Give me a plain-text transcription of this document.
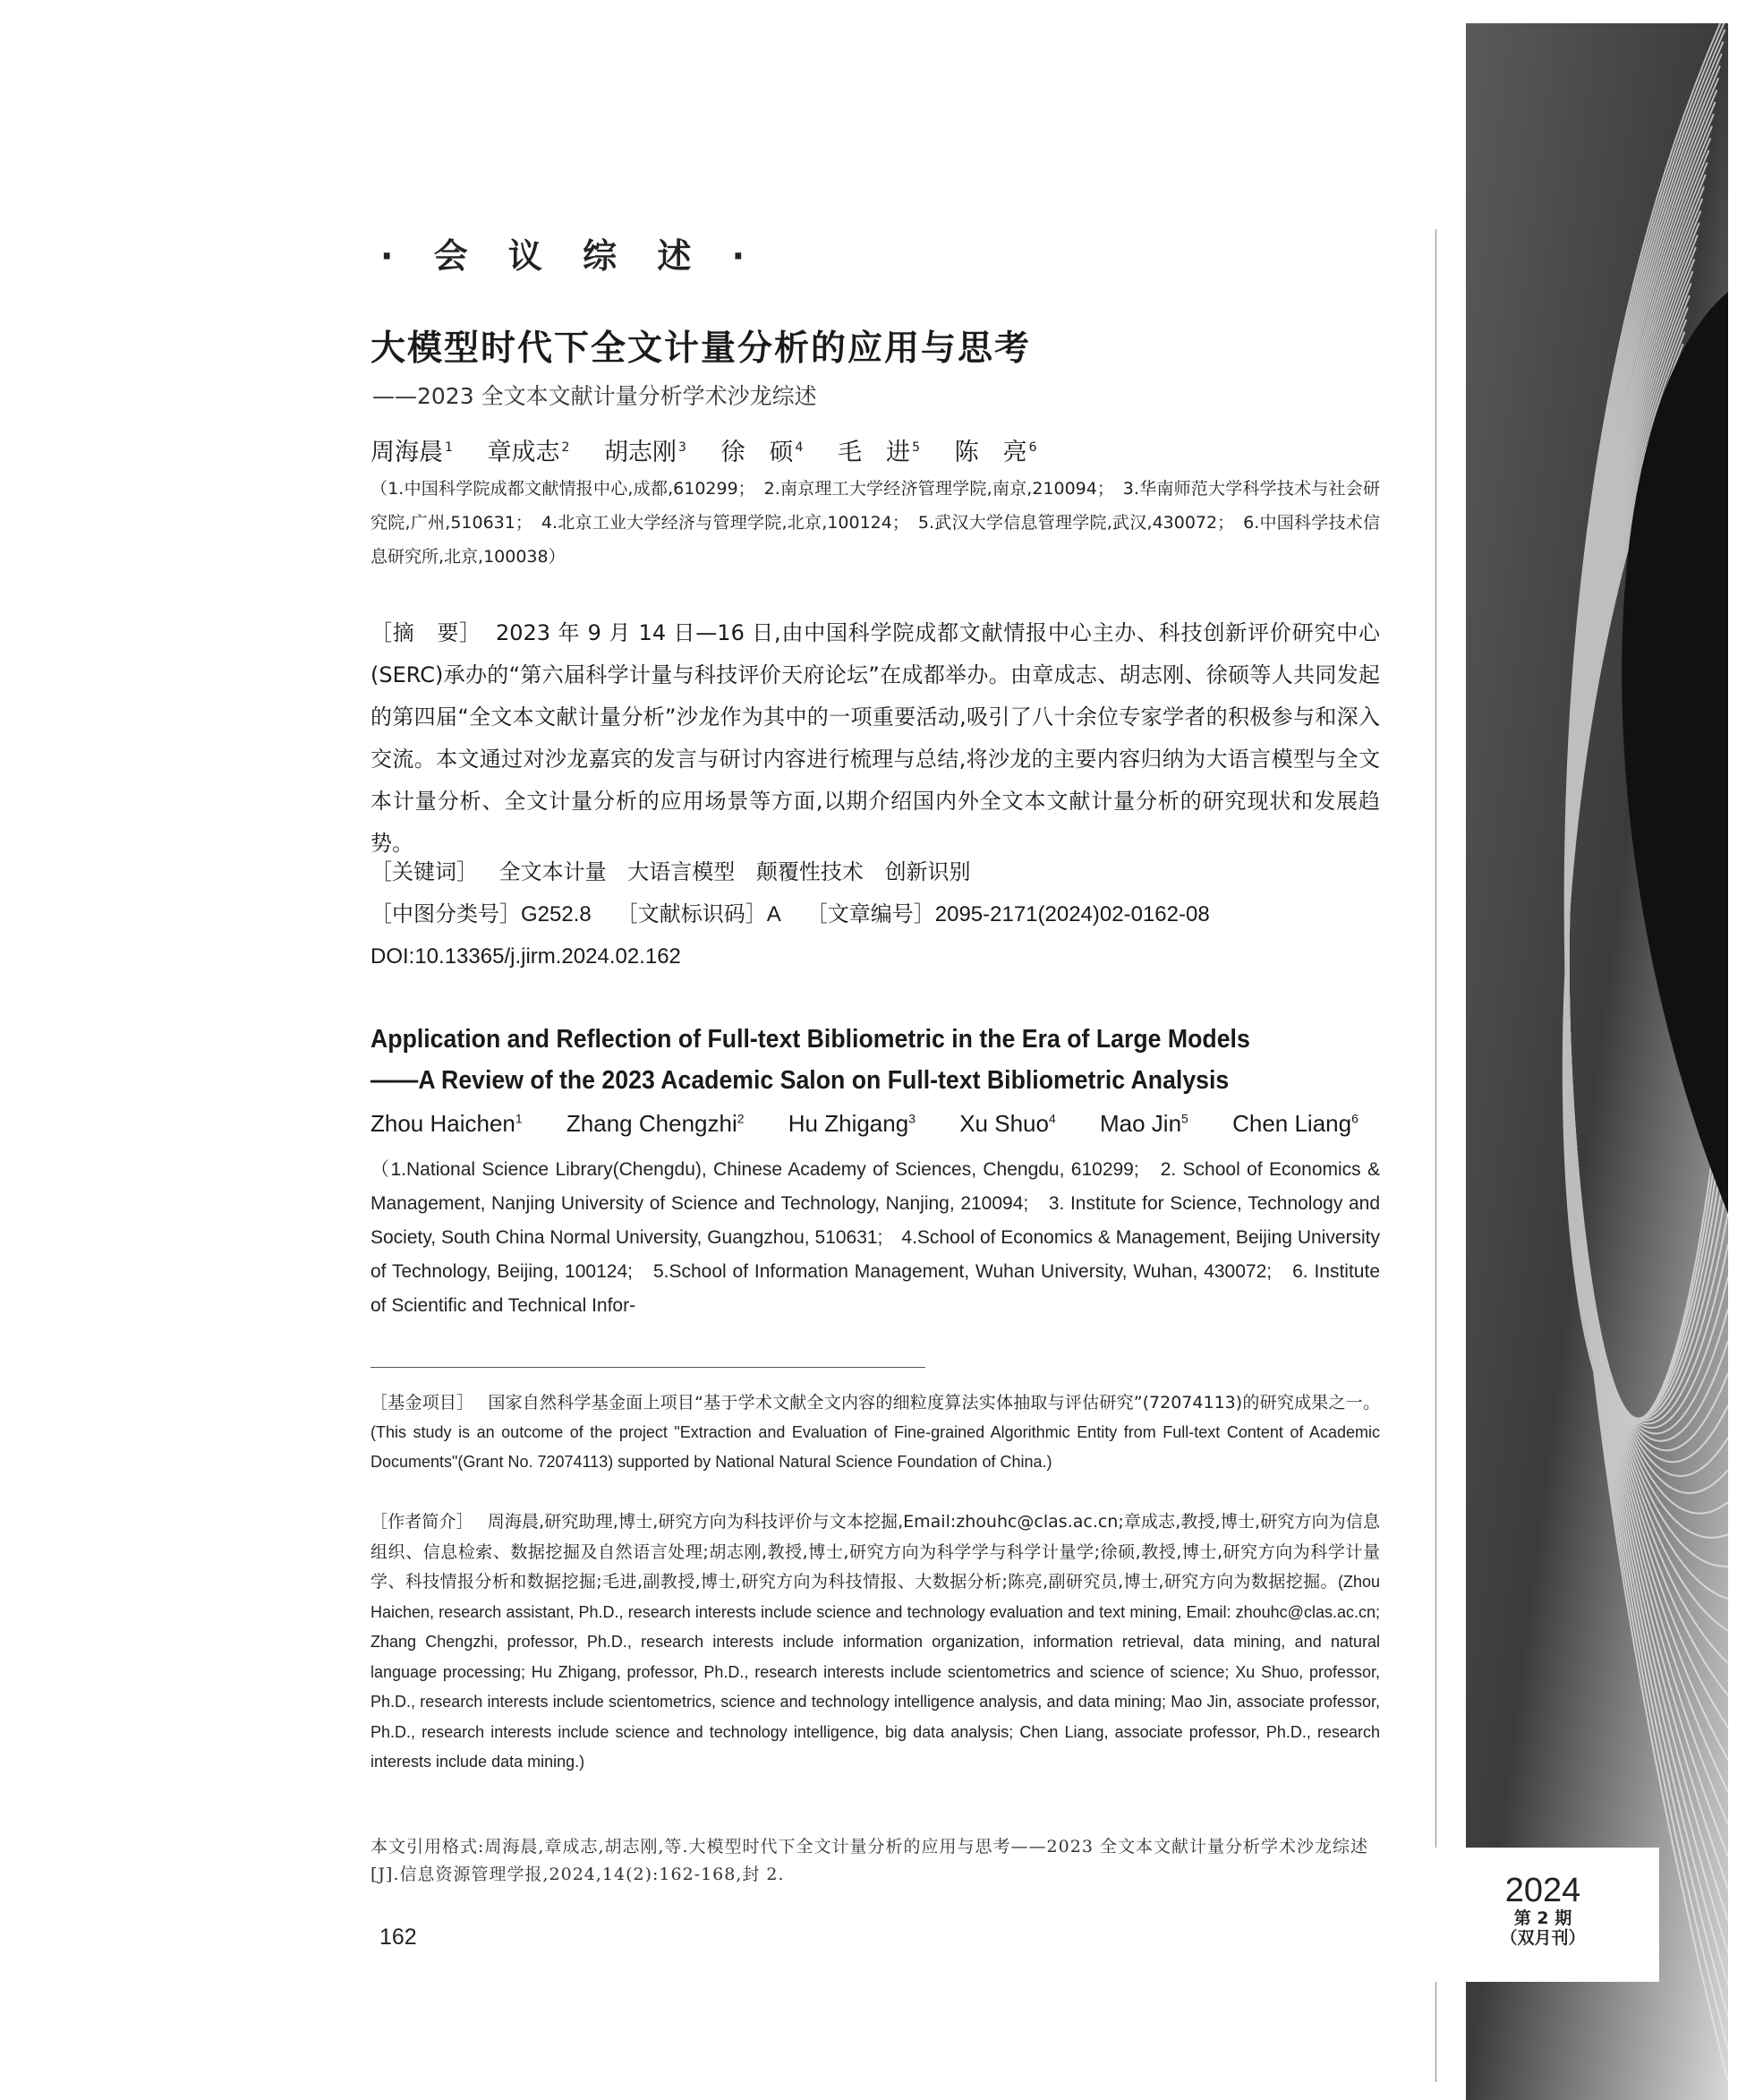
2024
第 2 期
（双月刊）
· 会 议 综 述 ·
大模型时代下全文计量分析的应用与思考
——2023 全文本文献计量分析学术沙龙综述
周海晨 $^1$ 章成志 $^2$ 胡志刚 $^3$ 徐　硕 $^4$ 毛　进 $^5$ 陈　亮 $^6$
（1.中国科学院成都文献情报中心,成都,610299；　2.南京理工大学经济管理学院,南京,210094；　3.华南师范大学科学技术与社会研究院,广州,510631；　4.北京工业大学经济与管理学院,北京,100124；　5.武汉大学信息管理学院,武汉,430072；　6.中国科学技术信息研究所,北京,100038）
［摘　要］ 2023 年 9 月 14 日—16 日,由中国科学院成都文献情报中心主办、科技创新评价研究中心(SERC)承办的“第六届科学计量与科技评价天府论坛”在成都举办。由章成志、胡志刚、徐硕等人共同发起的第四届“全文本文献计量分析”沙龙作为其中的一项重要活动,吸引了八十余位专家学者的积极参与和深入交流。本文通过对沙龙嘉宾的发言与研讨内容进行梳理与总结,将沙龙的主要内容归纳为大语言模型与全文本计量分析、全文计量分析的应用场景等方面,以期介绍国内外全文本文献计量分析的研究现状和发展趋势。
［关键词］ 全文本计量 大语言模型 颠覆性技术 创新识别
［中图分类号］G252.8 ［文献标识码］A ［文章编号］2095-2171(2024)02-0162-08
DOI:10.13365/j.jirm.2024.02.162
Application and Reflection of Full-text Bibliometric in the Era of Large Models
——A Review of the 2023 Academic Salon on Full-text Bibliometric Analysis
Zhou Haichen$^1$ Zhang Chengzhi$^2$ Hu Zhigang$^3$ Xu Shuo$^4$ Mao Jin$^5$ Chen Liang$^6$
（1.National Science Library(Chengdu), Chinese Academy of Sciences, Chengdu, 610299;　2. School of Economics & Management, Nanjing University of Science and Technology, Nanjing, 210094;　3. Institute for Science, Technology and Society, South China Normal University, Guangzhou, 510631;　4.School of Economics & Management, Beijing University of Technology, Beijing, 100124;　5.School of Information Management, Wuhan University, Wuhan, 430072;　6. Institute of Scientific and Technical Infor-
［基金项目］ 国家自然科学基金面上项目“基于学术文献全文内容的细粒度算法实体抽取与评估研究”(72074113)的研究成果之一。(This study is an outcome of the project "Extraction and Evaluation of Fine-grained Algorithmic Entity from Full-text Content of Academic Documents"(Grant No. 72074113) supported by National Natural Science Foundation of China.)
［作者简介］ 周海晨,研究助理,博士,研究方向为科技评价与文本挖掘,Email:zhouhc@clas.ac.cn;章成志,教授,博士,研究方向为信息组织、信息检索、数据挖掘及自然语言处理;胡志刚,教授,博士,研究方向为科学学与科学计量学;徐硕,教授,博士,研究方向为科学计量学、科技情报分析和数据挖掘;毛进,副教授,博士,研究方向为科技情报、大数据分析;陈亮,副研究员,博士,研究方向为数据挖掘。(Zhou Haichen, research assistant, Ph.D., research interests include science and technology evaluation and text mining, Email: zhouhc@clas.ac.cn; Zhang Chengzhi, professor, Ph.D., research interests include information organization, information retrieval, data mining, and natural language processing; Hu Zhigang, professor, Ph.D., research interests include scientometrics and science of science; Xu Shuo, professor, Ph.D., research interests include scientometrics, science and technology intelligence analysis, and data mining; Mao Jin, associate professor, Ph.D., research interests include science and technology intelligence, big data analysis; Chen Liang, associate professor, Ph.D., research interests include data mining.)
本文引用格式:周海晨,章成志,胡志刚,等.大模型时代下全文计量分析的应用与思考——2023 全文本文献计量分析学术沙龙综述[J].信息资源管理学报,2024,14(2):162-168,封 2.
162
